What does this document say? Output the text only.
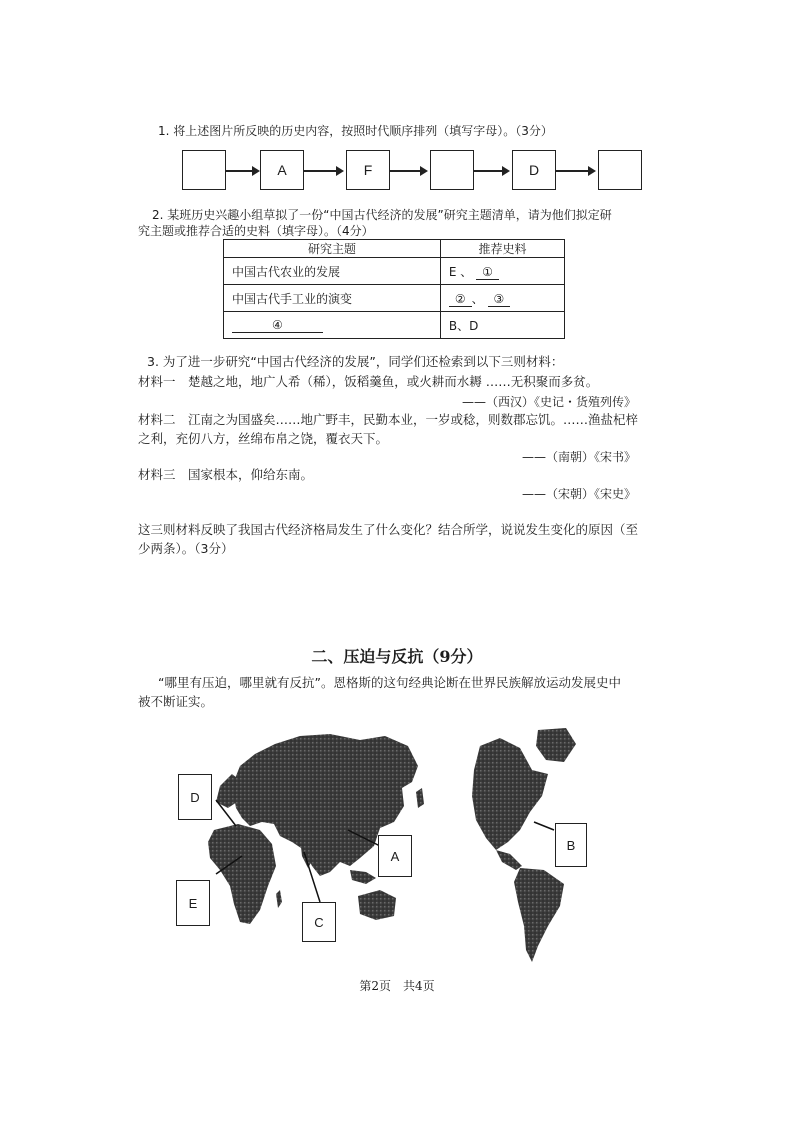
1. 将上述图片所反映的历史内容，按照时代顺序排列（填写字母）。（3分）
A	F	D
2. 某班历史兴趣小组草拟了一份“中国古代经济的发展”研究主题清单，请为他们拟定研
究主题或推荐合适的史料（填字母）。（4分）
研究主题	推荐史料
中国古代农业的发展	E 、 ①
中国古代手工业的演变	② 、 ③
④	B、D
3. 为了进一步研究“中国古代经济的发展”，同学们还检索到以下三则材料：
材料一　楚越之地，地广人希（稀），饭稻羹鱼，或火耕而水耨 ……无积聚而多贫。
——（西汉）《史记・货殖列传》
材料二　江南之为国盛矣……地广野丰，民勤本业，一岁或稔，则数郡忘饥。……渔盐杞梓
之利，充仞八方，丝绵布帛之饶，覆衣天下。
——（南朝）《宋书》
材料三　国家根本，仰给东南。
——（宋朝）《宋史》
这三则材料反映了我国古代经济格局发生了什么变化？结合所学，说说发生变化的原因（至
少两条）。（3分）
二、压迫与反抗（9分）
“哪里有压迫，哪里就有反抗”。恩格斯的这句经典论断在世界民族解放运动发展史中
被不断证实。
D
E
C
A
B
第2页　共4页
